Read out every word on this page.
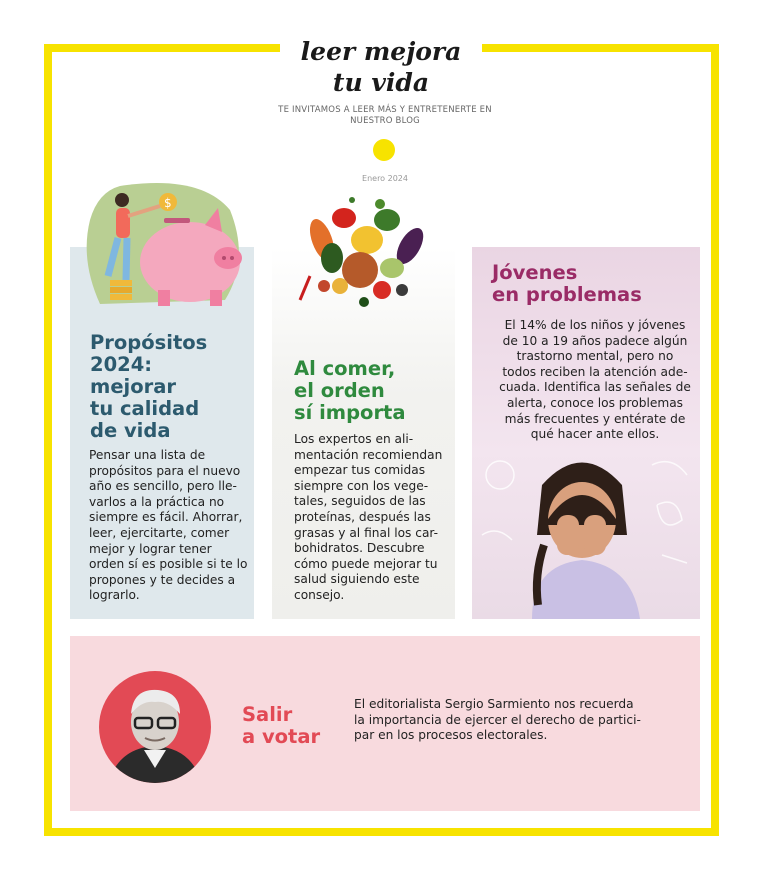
leer mejora
tu vida
TE INVITAMOS A LEER MÁS Y ENTRETENERTE EN NUESTRO BLOG
Enero 2024
$
Propósitos
2024:
mejorar
tu calidad
de vida
Pensar una lista de
propósitos para el nuevo
año es sencillo, pero lle-
varlos a la práctica no
siempre es fácil. Ahorrar,
leer, ejercitarte, comer
mejor y lograr tener
orden sí es posible si te lo
propones y te decides a
lograrlo.
Al comer,
el orden
sí importa
Los expertos en ali-
mentación recomiendan
empezar tus comidas
siempre con los vege-
tales, seguidos de las
proteínas, después las
grasas y al final los car-
bohidratos. Descubre
cómo puede mejorar tu
salud siguiendo este
consejo.
Jóvenes
en problemas
El 14% de los niños y jóvenes
de 10 a 19 años padece algún
trastorno mental, pero no
todos reciben la atención ade-
cuada. Identifica las señales de
alerta, conoce los problemas
más frecuentes y entérate de
qué hacer ante ellos.
Salir
a votar
El editorialista Sergio Sarmiento nos recuerda
la importancia de ejercer el derecho de partici-
par en los procesos electorales.
